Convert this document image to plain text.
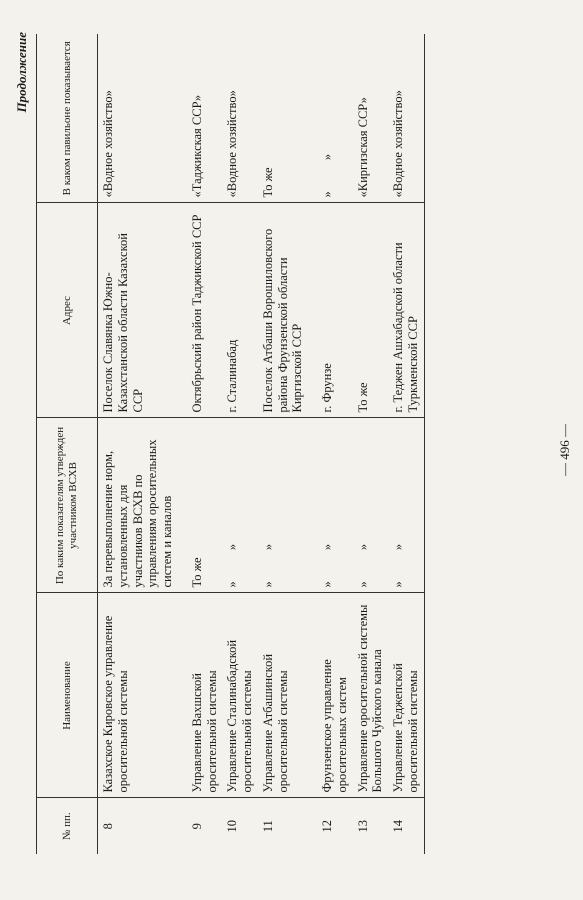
Продолжение
№ пп.	Наименование	По каким показателям утвержден участником ВСХВ	Адрес	В каком павильоне показывается
8	Казахское Кировское управление оросительной системы	За перевыполнение норм, установленных для участников ВСХВ по управлениям оросительных систем и каналов	Поселок Славянка Южно-Казахстанской области Казахской ССР	«Водное хозяйство»
9	Управление Вахшской оросительной системы	То же	Октябрьский район Таджикской ССР	«Таджикская ССР»
10	Управление Сталинабадской оросительной системы	» »	г. Сталинабад	«Водное хозяйство»
11	Управление Атбашинской оросительной системы	» »	Поселок Атбаши Ворошиловского района Фрунзенской области Киргизской ССР	То же
12	Фрунзенское управление оросительных систем	» »	г. Фрунзе	» »
13	Управление оросительной системы Большого Чуйского канала	» »	То же	«Киргизская ССР»
14	Управление Теджепской оросительной системы	» »	г. Теджен Ашхабадской области Туркменской ССР	«Водное хозяйство»
— 496 —
